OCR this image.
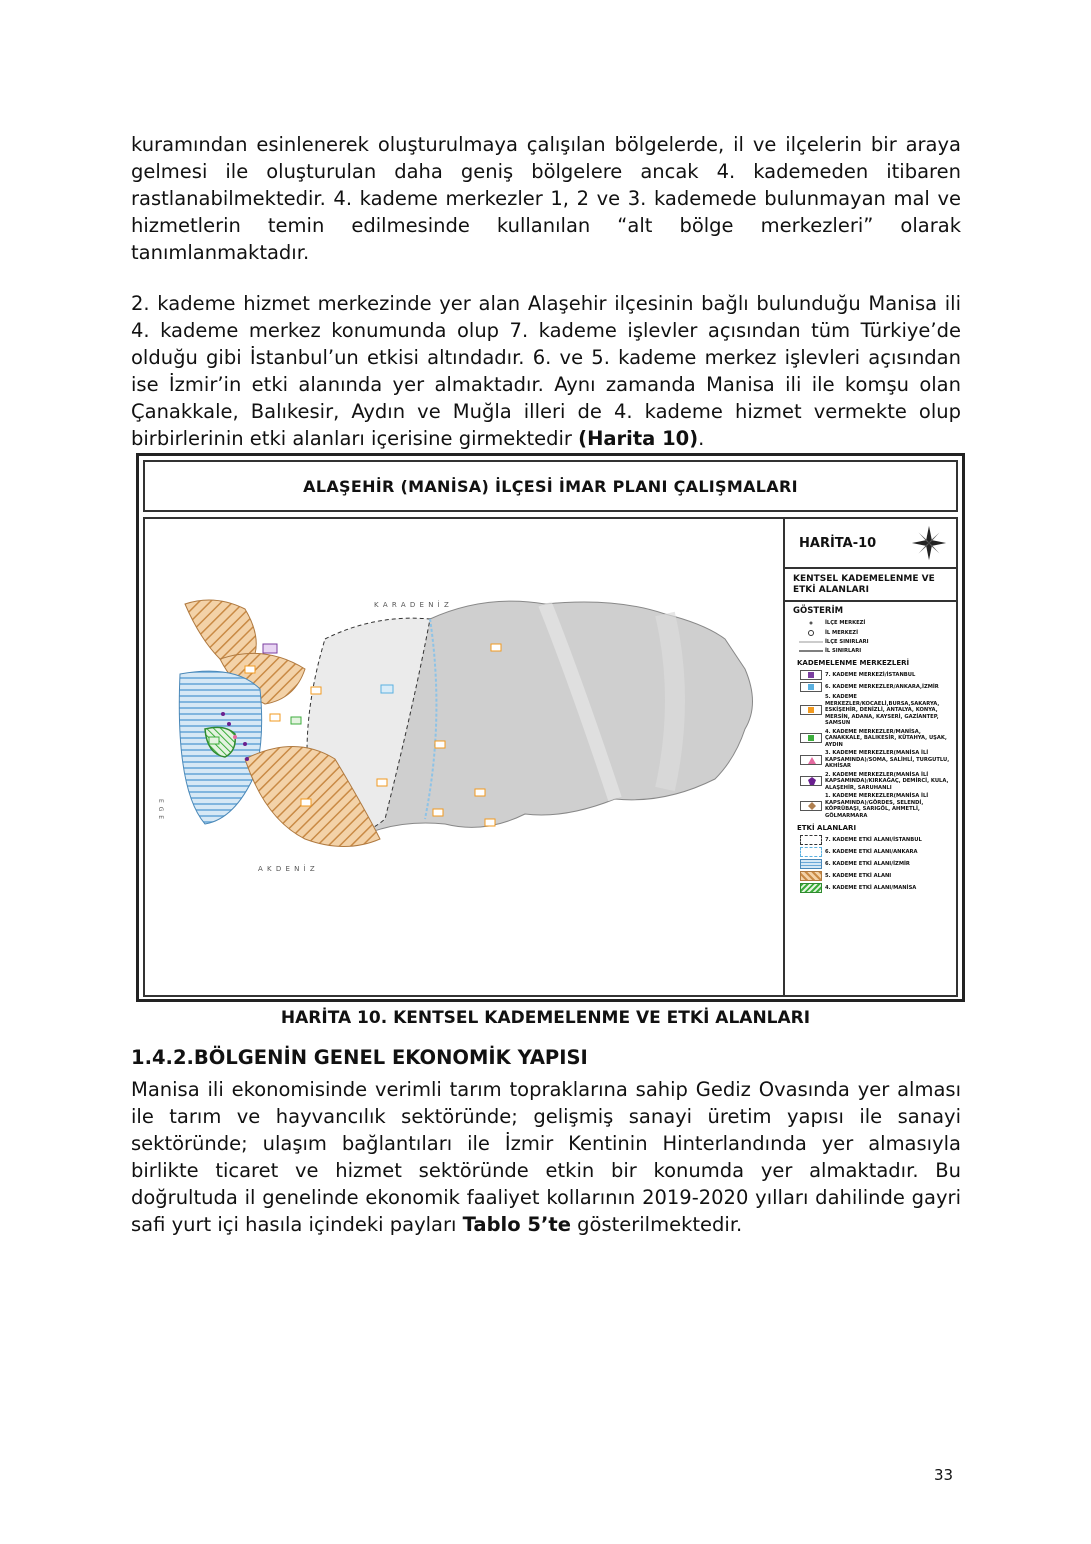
kuramından esinlenerek oluşturulmaya çalışılan bölgelerde, il ve ilçelerin bir araya gelmesi ile oluşturulan daha geniş bölgelere ancak 4. kademeden itibaren rastlanabilmektedir. 4. kademe merkezler 1, 2 ve 3. kademede bulunmayan mal ve hizmetlerin temin edilmesinde kullanılan “alt bölge merkezleri” olarak tanımlanmaktadır.

2. kademe hizmet merkezinde yer alan Alaşehir ilçesinin bağlı bulunduğu Manisa ili 4. kademe merkez konumunda olup 7. kademe işlevler açısından tüm Türkiye’de olduğu gibi İstanbul’un etkisi altındadır. 6. ve 5. kademe merkez işlevleri açısından ise İzmir’in etki alanında yer almaktadır. Aynı zamanda Manisa ili ile komşu olan Çanakkale, Balıkesir, Aydın ve Muğla illeri de 4. kademe hizmet vermekte olup birbirlerinin etki alanları içerisine girmektedir (Harita 10).

ALAŞEHİR (MANİSA) İLÇESİ İMAR PLANI ÇALIŞMALARI
K A R A D E N İ Z
A K D E N İ Z
E G E
HARİTA-10
KENTSEL KADEMELENME VE ETKİ ALANLARI
GÖSTERİM
İLÇE MERKEZİ
İL MERKEZİ
İLÇE SINIRLARI
İL SINIRLARI
KADEMELENME MERKEZLERİ
7. KADEME MERKEZİ/İSTANBUL
6. KADEME MERKEZLER/ANKARA,İZMİR
5. KADEME MERKEZLER/KOCAELİ,BURSA,SAKARYA, ESKİŞEHİR, DENİZLİ, ANTALYA, KONYA, MERSİN, ADANA, KAYSERİ, GAZİANTEP, SAMSUN
4. KADEME MERKEZLER/MANİSA, ÇANAKKALE, BALIKESİR, KÜTAHYA, UŞAK, AYDIN
3. KADEME MERKEZLER(MANİSA İLİ KAPSAMINDA)/SOMA, SALİHLİ, TURGUTLU, AKHİSAR
2. KADEME MERKEZLER(MANİSA İLİ KAPSAMINDA)/KIRKAĞAÇ, DEMİRCİ, KULA, ALAŞEHİR, SARUHANLI
1. KADEME MERKEZLER(MANİSA İLİ KAPSAMINDA)/GÖRDES, SELENDİ, KÖPRÜBAŞI, SARIGÖL, AHMETLİ, GÖLMARMARA
ETKİ ALANLARI
7. KADEME ETKİ ALANI/İSTANBUL
6. KADEME ETKİ ALANI/ANKARA
6. KADEME ETKİ ALANI/İZMİR
5. KADEME ETKİ ALANI
4. KADEME ETKİ ALANI/MANİSA
HARİTA 10. KENTSEL KADEMELENME VE ETKİ ALANLARI
1.4.2.BÖLGENİN GENEL EKONOMİK YAPISI

Manisa ili ekonomisinde verimli tarım topraklarına sahip Gediz Ovasında yer alması ile tarım ve hayvancılık sektöründe; gelişmiş sanayi üretim yapısı ile sanayi sektöründe; ulaşım bağlantıları ile İzmir Kentinin Hinterlandında yer almasıyla birlikte ticaret ve hizmet sektöründe etkin bir konumda yer almaktadır. Bu doğrultuda il genelinde ekonomik faaliyet kollarının 2019-2020 yılları dahilinde gayri safi yurt içi hasıla içindeki payları Tablo 5’te gösterilmektedir.

33
